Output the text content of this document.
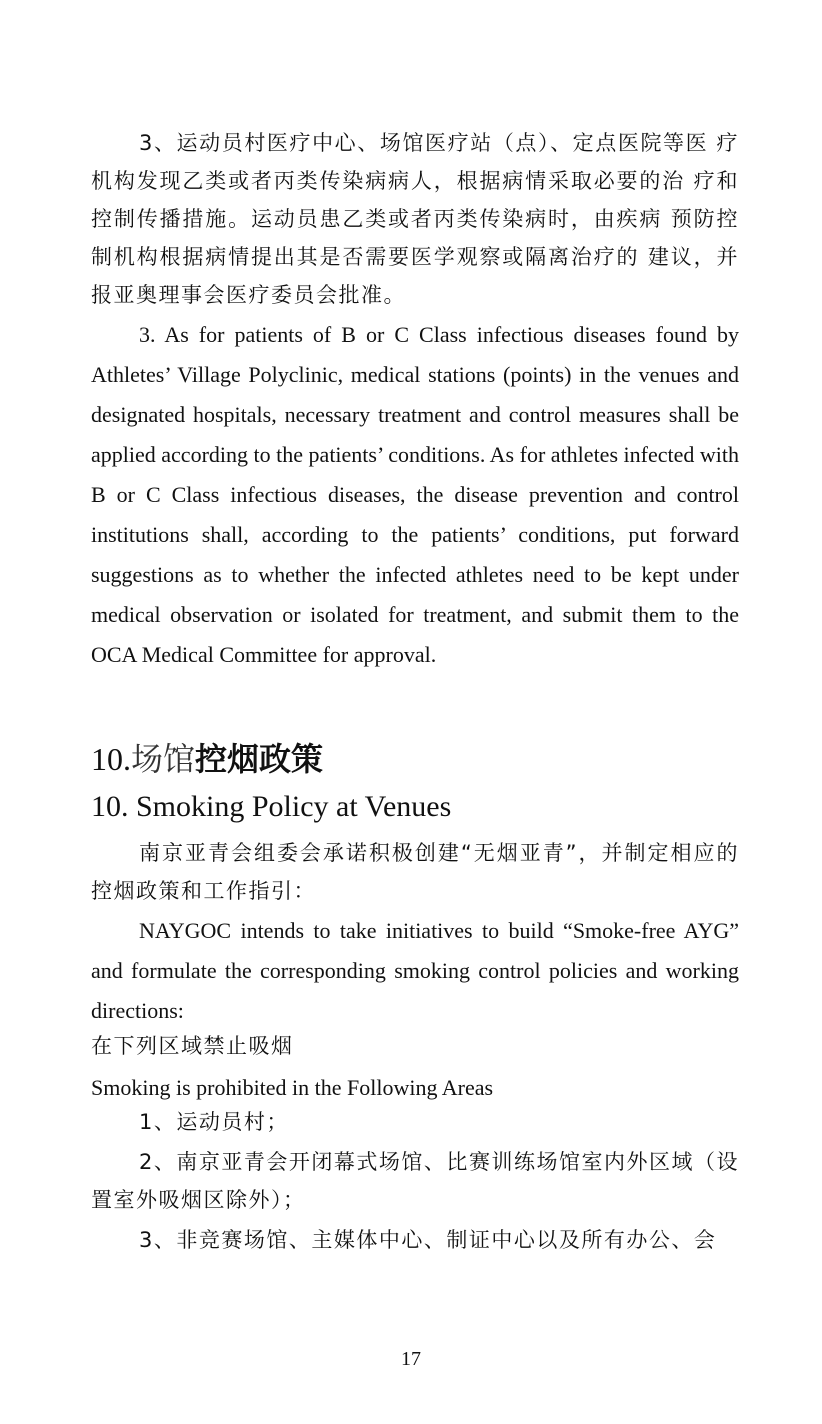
3、运动员村医疗中心、场馆医疗站（点）、定点医院等医 疗机构发现乙类或者丙类传染病病人，根据病情采取必要的治 疗和控制传播措施。运动员患乙类或者丙类传染病时，由疾病 预防控制机构根据病情提出其是否需要医学观察或隔离治疗的 建议，并报亚奥理事会医疗委员会批准。

3. As for patients of B or C Class infectious diseases found by Athletes’ Village Polyclinic, medical stations (points) in the venues and designated hospitals, necessary treatment and control measures shall be applied according to the patients’ conditions. As for athletes infected with B or C Class infectious diseases, the disease prevention and control institutions shall, according to the patients’ conditions, put forward suggestions as to whether the infected athletes need to be kept under medical observation or isolated for treatment, and submit them to the OCA Medical Committee for approval.

10.场馆控烟政策
10. Smoking Policy at Venues

南京亚青会组委会承诺积极创建“无烟亚青”，并制定相应的控烟政策和工作指引：

NAYGOC intends to take initiatives to build “Smoke-free AYG” and formulate the corresponding smoking control policies and working directions:

在下列区域禁止吸烟

Smoking is prohibited in the Following Areas

1、运动员村；

2、南京亚青会开闭幕式场馆、比赛训练场馆室内外区域（设 置室外吸烟区除外）；

3、非竞赛场馆、主媒体中心、制证中心以及所有办公、会

17
